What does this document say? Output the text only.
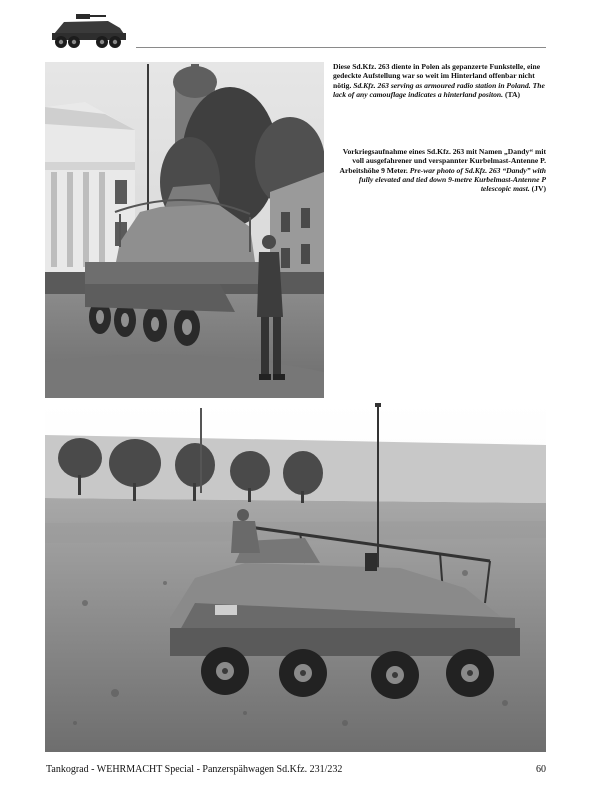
Diese Sd.Kfz. 263 diente in Polen als gepanzerte Funkstelle, eine gedeckte Aufstellung war so weit im Hinterland offenbar nicht nötig. Sd.Kfz. 263 serving as armoured radio station in Poland. The lack of any camouflage indicates a hinterland positon. (TA)
Vorkriegsaufnahme eines Sd.Kfz. 263 mit Namen „Dandy“ mit voll ausgefahrener und verspannter Kurbelmast-Antenne P. Arbeitshöhe 9 Meter. Pre-war photo of Sd.Kfz. 263 “Dandy” with fully elevated and tied down 9-metre Kurbelmast-Antenne P telescopic mast. (JV)
Tankograd - WEHRMACHT Special - Panzerspähwagen Sd.Kfz. 231/232	60
